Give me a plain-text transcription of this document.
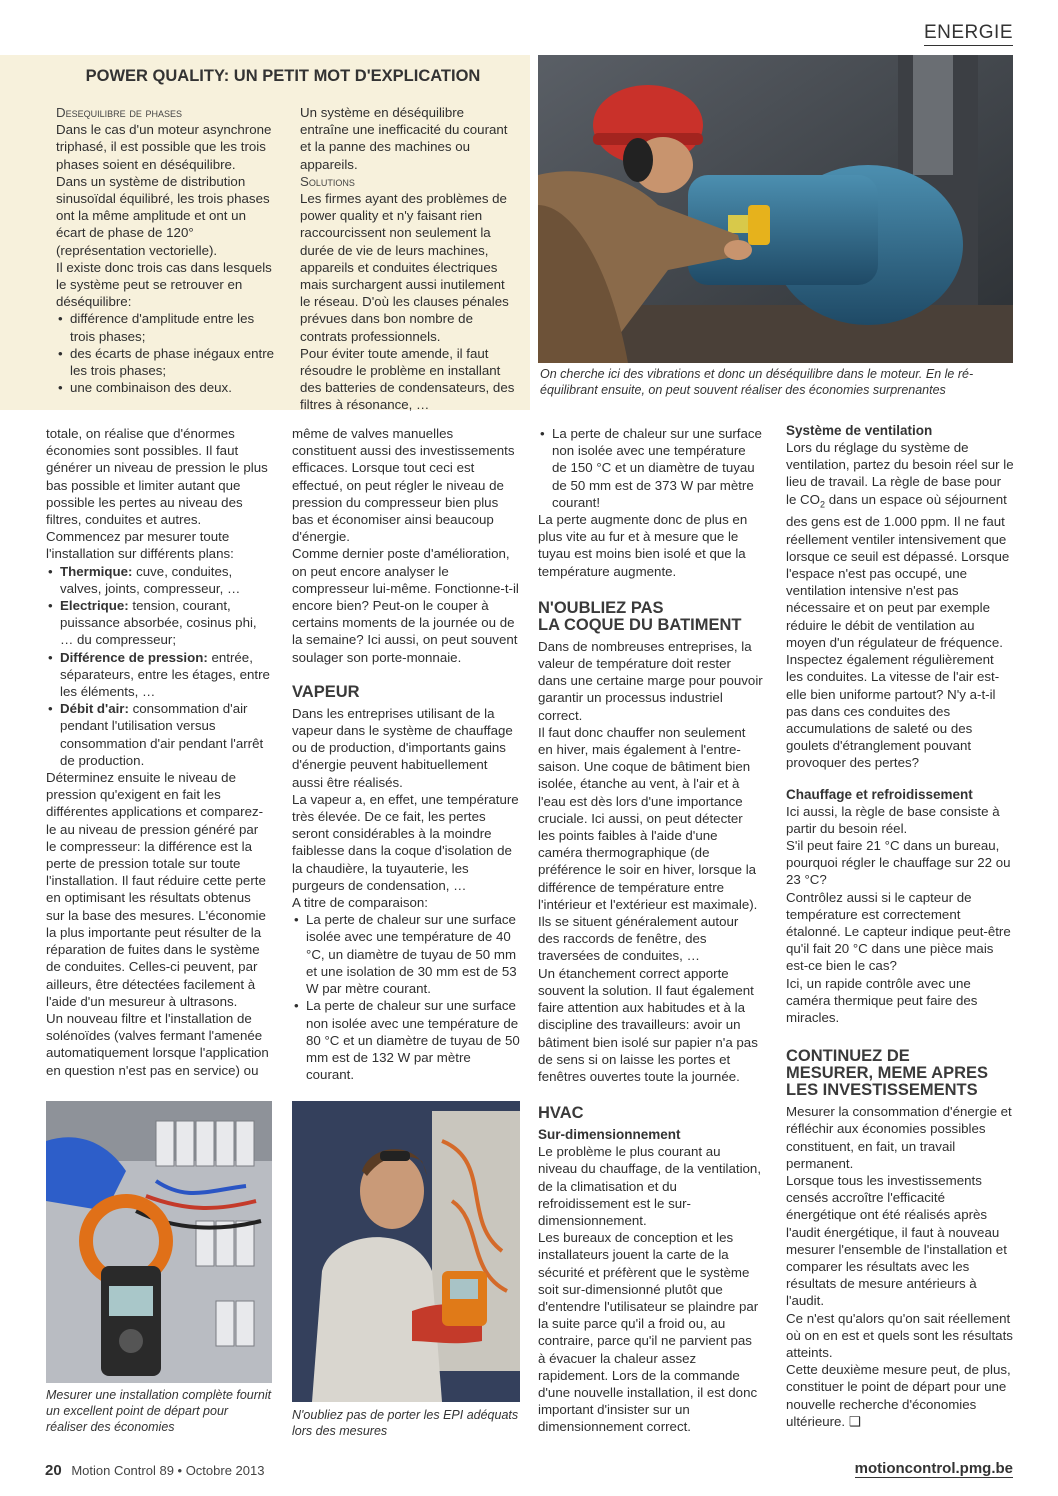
ENERGIE
POWER QUALITY: UN PETIT MOT D'EXPLICATION

Desequilibre de phases

Dans le cas d'un moteur asynchrone triphasé, il est possible que les trois phases soient en déséquilibre.

Dans un système de distribution sinusoïdal équilibré, les trois phases ont la même amplitude et ont un écart de phase de 120° (représentation vectorielle).

Il existe donc trois cas dans lesquels le système peut se retrouver en déséquilibre:

• différence d'amplitude entre les trois phases;
• des écarts de phase inégaux entre les trois phases;
• une combinaison des deux.

Un système en déséquilibre entraîne une inefficacité du courant et la panne des machines ou appareils.

Solutions

Les firmes ayant des problèmes de power quality et n'y faisant rien raccourcissent non seulement la durée de vie de leurs machines, appareils et conduites électriques mais surchargent aussi inutilement le réseau. D'où les clauses pénales prévues dans bon nombre de contrats professionnels.

Pour éviter toute amende, il faut résoudre le problème en installant des batteries de condensateurs, des filtres à résonance, …

On cherche ici des vibrations et donc un déséquilibre dans le moteur. En le ré-équilibrant ensuite, on peut souvent réaliser des économies surprenantes

totale, on réalise que d'énormes économies sont possibles. Il faut générer un niveau de pression le plus bas possible et limiter autant que possible les pertes au niveau des filtres, conduites et autres.

Commencez par mesurer toute l'installation sur différents plans:

• Thermique: cuve, conduites, valves, joints, compresseur, …
• Electrique: tension, courant, puissance absorbée, cosinus phi, … du compresseur;
• Différence de pression: entrée, séparateurs, entre les étages, entre les éléments, …
• Débit d'air: consommation d'air pendant l'utilisation versus consommation d'air pendant l'arrêt de production.

Déterminez ensuite le niveau de pression qu'exigent en fait les différentes applications et comparez-le au niveau de pression généré par le compresseur: la différence est la perte de pression totale sur toute l'installation. Il faut réduire cette perte en optimisant les résultats obtenus sur la base des mesures. L'économie la plus importante peut résulter de la réparation de fuites dans le système de conduites. Celles-ci peuvent, par ailleurs, être détectées facilement à l'aide d'un mesureur à ultrasons.

Un nouveau filtre et l'installation de solénoïdes (valves fermant l'amenée automatiquement lorsque l'application en question n'est pas en service) ou

même de valves manuelles constituent aussi des investissements efficaces. Lorsque tout ceci est effectué, on peut régler le niveau de pression du compresseur bien plus bas et économiser ainsi beaucoup d'énergie.

Comme dernier poste d'amélioration, on peut encore analyser le compresseur lui-même. Fonctionne-t-il encore bien? Peut-on le couper à certains moments de la journée ou de la semaine? Ici aussi, on peut souvent soulager son porte-monnaie.

VAPEUR

Dans les entreprises utilisant de la vapeur dans le système de chauffage ou de production, d'importants gains d'énergie peuvent habituellement aussi être réalisés.

La vapeur a, en effet, une température très élevée. De ce fait, les pertes seront considérables à la moindre faiblesse dans la coque d'isolation de la chaudière, la tuyauterie, les purgeurs de condensation, …

A titre de comparaison:

• La perte de chaleur sur une surface isolée avec une température de 40 °C, un diamètre de tuyau de 50 mm et une isolation de 30 mm est de 53 W par mètre courant.
• La perte de chaleur sur une surface non isolée avec une température de 80 °C et un diamètre de tuyau de 50 mm est de 132 W par mètre courant.
• La perte de chaleur sur une surface non isolée avec une température de 150 °C et un diamètre de tuyau de 50 mm est de 373 W par mètre courant!

La perte augmente donc de plus en plus vite au fur et à mesure que le tuyau est moins bien isolé et que la température augmente.

N'OUBLIEZ PAS
LA COQUE DU BATIMENT

Dans de nombreuses entreprises, la valeur de température doit rester dans une certaine marge pour pouvoir garantir un processus industriel correct.

Il faut donc chauffer non seulement en hiver, mais également à l'entre-saison. Une coque de bâtiment bien isolée, étanche au vent, à l'air et à l'eau est dès lors d'une importance cruciale. Ici aussi, on peut détecter les points faibles à l'aide d'une caméra thermographique (de préférence le soir en hiver, lorsque la différence de température entre l'intérieur et l'extérieur est maximale). Ils se situent généralement autour des raccords de fenêtre, des traversées de conduites, …

Un étanchement correct apporte souvent la solution. Il faut également faire attention aux habitudes et à la discipline des travailleurs: avoir un bâtiment bien isolé sur papier n'a pas de sens si on laisse les portes et fenêtres ouvertes toute la journée.

HVAC
Sur-dimensionnement

Le problème le plus courant au niveau du chauffage, de la ventilation, de la climatisation et du refroidissement est le sur-dimensionnement.

Les bureaux de conception et les installateurs jouent la carte de la sécurité et préfèrent que le système soit sur-dimensionné plutôt que d'entendre l'utilisateur se plaindre par la suite parce qu'il a froid ou, au contraire, parce qu'il ne parvient pas à évacuer la chaleur assez rapidement. Lors de la commande d'une nouvelle installation, il est donc important d'insister sur un dimensionnement correct.

Système de ventilation

Lors du réglage du système de ventilation, partez du besoin réel sur le lieu de travail. La règle de base pour le $CO_2$ dans un espace où séjournent des gens est de 1.000 ppm. Il ne faut réellement ventiler intensivement que lorsque ce seuil est dépassé. Lorsque l'espace n'est pas occupé, une ventilation intensive n'est pas nécessaire et on peut par exemple réduire le débit de ventilation au moyen d'un régulateur de fréquence.

Inspectez également régulièrement les conduites. La vitesse de l'air est-elle bien uniforme partout? N'y a-t-il pas dans ces conduites des accumulations de saleté ou des goulets d'étranglement pouvant provoquer des pertes?

Chauffage et refroidissement

Ici aussi, la règle de base consiste à partir du besoin réel.

S'il peut faire 21 °C dans un bureau, pourquoi régler le chauffage sur 22 ou 23 °C?

Contrôlez aussi si le capteur de température est correctement étalonné. Le capteur indique peut-être qu'il fait 20 °C dans une pièce mais est-ce bien le cas?

Ici, un rapide contrôle avec une caméra thermique peut faire des miracles.

CONTINUEZ DE MESURER, MEME APRES LES INVESTISSEMENTS

Mesurer la consommation d'énergie et réfléchir aux économies possibles constituent, en fait, un travail permanent.

Lorsque tous les investissements censés accroître l'efficacité énergétique ont été réalisés après l'audit énergétique, il faut à nouveau mesurer l'ensemble de l'installation et comparer les résultats avec les résultats de mesure antérieurs à l'audit.

Ce n'est qu'alors qu'on sait réellement où on en est et quels sont les résultats atteints.

Cette deuxième mesure peut, de plus, constituer le point de départ pour une nouvelle recherche d'économies ultérieure. ❑

Mesurer une installation complète fournit un excellent point de départ pour réaliser des économies
N'oubliez pas de porter les EPI adéquats lors des mesures
20 Motion Control 89 • Octobre 2013	motioncontrol.pmg.be
